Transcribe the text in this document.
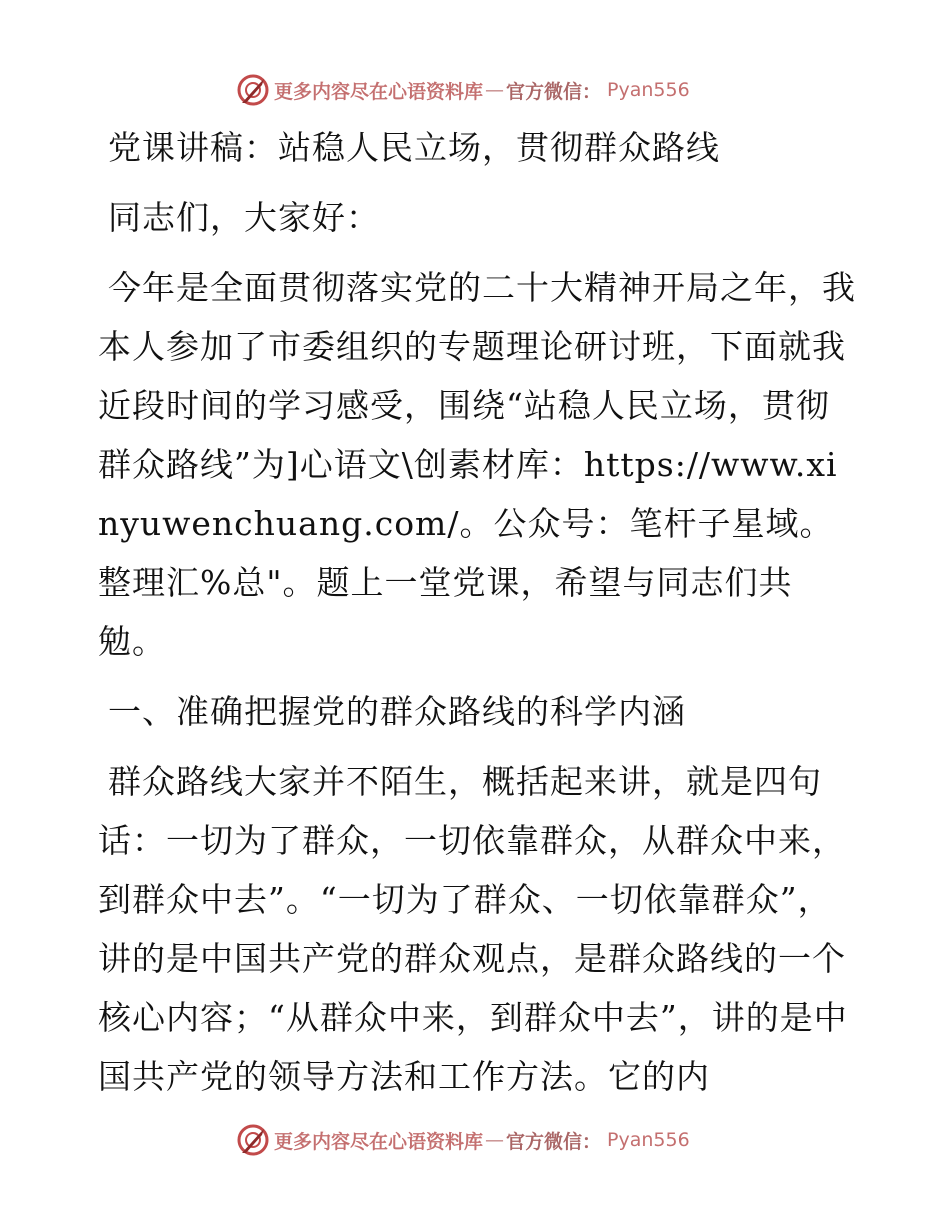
更多内容尽在心语资料库 — 官方微信： Pyan556

党课讲稿：站稳人民立场，贯彻群众路线

同志们，大家好：

今年是全面贯彻落实党的二十大精神开局之年，我本人参加了市委组织的专题理论研讨班，下面就我近段时间的学习感受，围绕“站稳人民立场，贯彻群众路线”为]心语文\创素材库：https://www.xinyuwenchuang.com/。公众号：笔杆子星域。整理汇%总"。题上一堂党课，希望与同志们共勉。

一、准确把握党的群众路线的科学内涵

群众路线大家并不陌生，概括起来讲，就是四句话：一切为了群众，一切依靠群众，从群众中来，到群众中去”。“一切为了群众、一切依靠群众”，讲的是中国共产党的群众观点，是群众路线的一个核心内容；“从群众中来，到群众中去”，讲的是中国共产党的领导方法和工作方法。它的内

更多内容尽在心语资料库 — 官方微信： Pyan556
